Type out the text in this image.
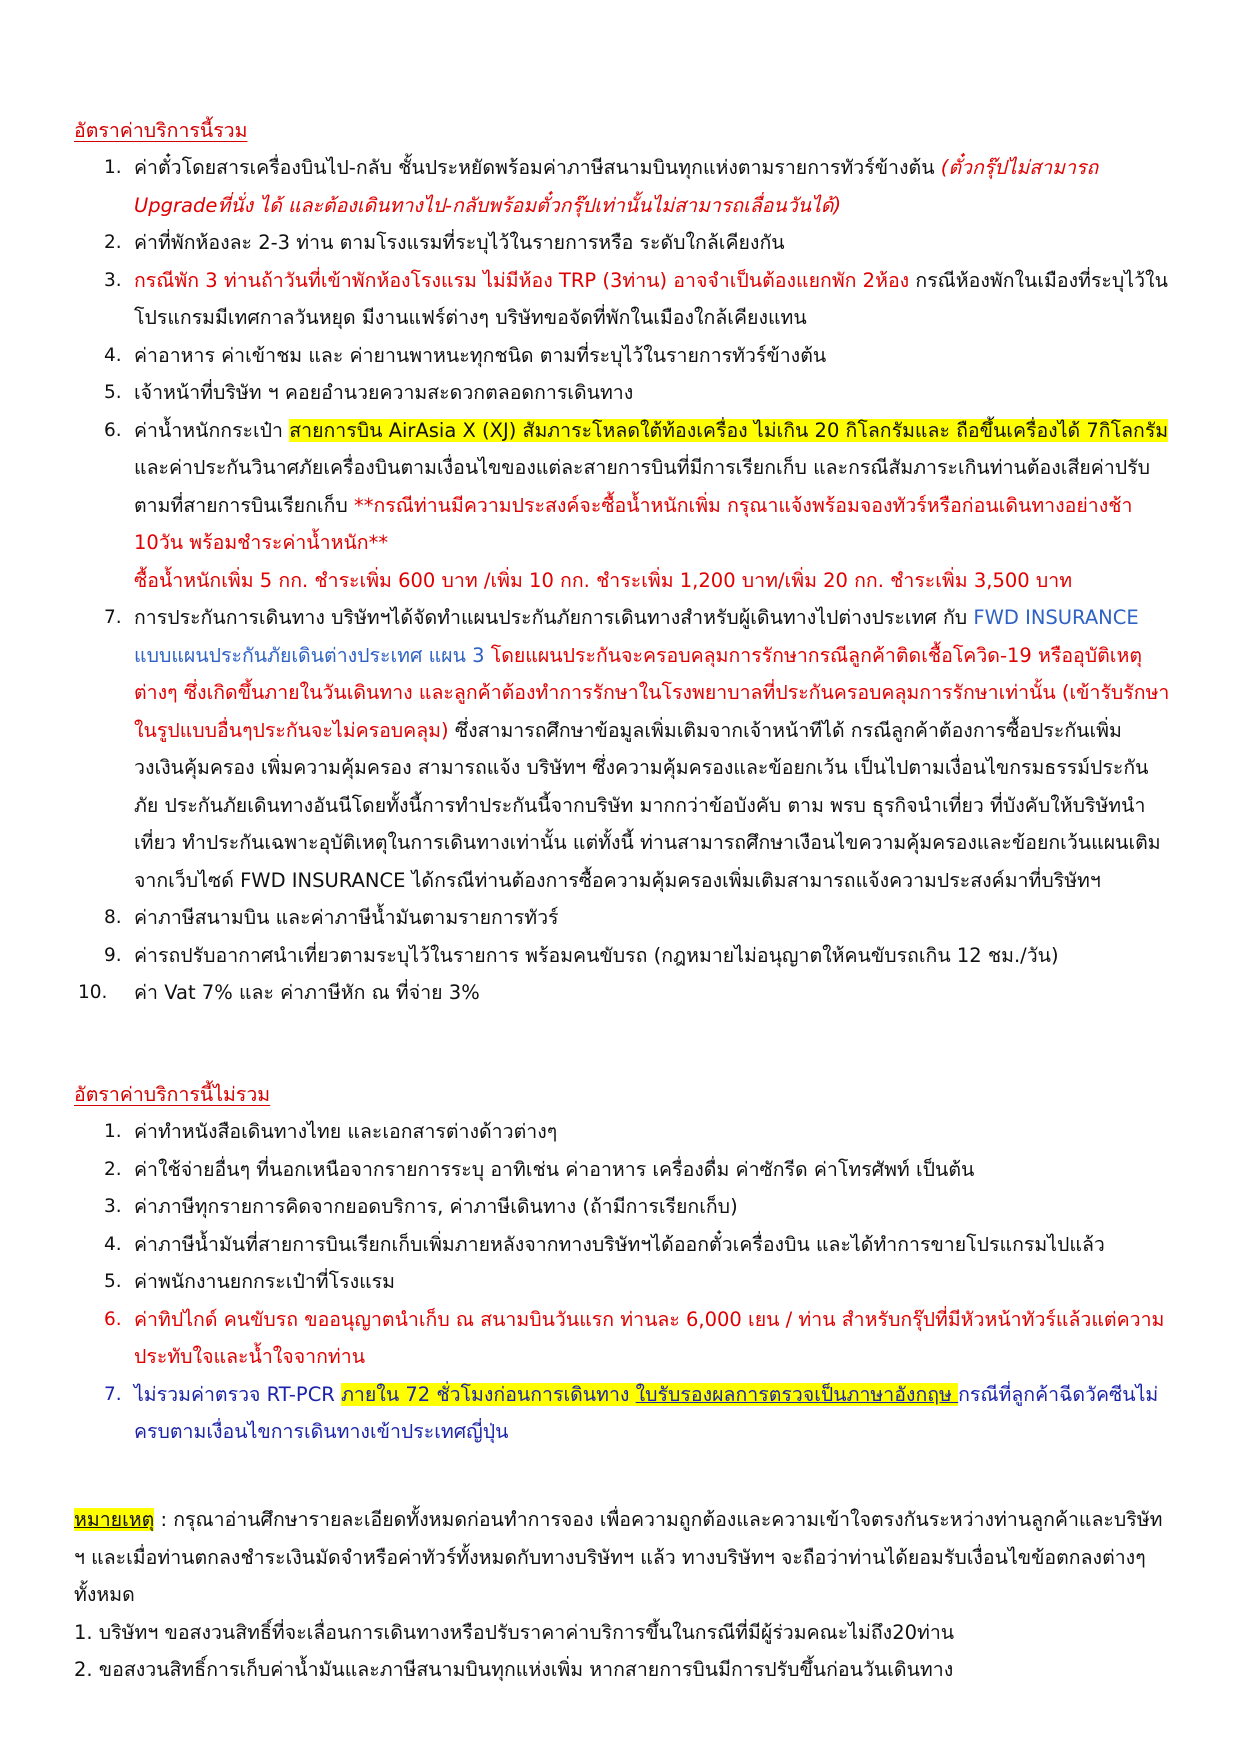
อัตราค่าบริการนี้รวม
1. ค่าตั๋วโดยสารเครื่องบินไป-กลับ ชั้นประหยัดพร้อมค่าภาษีสนามบินทุกแห่งตามรายการทัวร์ข้างต้น (ตั๋วกรุ๊ปไม่สามารถ Upgradeที่นั่ง ได้ และต้องเดินทางไป-กลับพร้อมตั๋วกรุ๊ปเท่านั้นไม่สามารถเลื่อนวันได้)
2. ค่าที่พักห้องละ 2-3 ท่าน ตามโรงแรมที่ระบุไว้ในรายการหรือ ระดับใกล้เคียงกัน
3. กรณีพัก 3 ท่านถ้าวันที่เข้าพักห้องโรงแรม ไม่มีห้อง TRP (3ท่าน) อาจจำเป็นต้องแยกพัก 2ห้อง กรณีห้องพักในเมืองที่ระบุไว้ในโปรแกรมมีเทศกาลวันหยุด มีงานแฟร์ต่างๆ บริษัทขอจัดที่พักในเมืองใกล้เคียงแทน
4. ค่าอาหาร ค่าเข้าชม และ ค่ายานพาหนะทุกชนิด ตามที่ระบุไว้ในรายการทัวร์ข้างต้น
5. เจ้าหน้าที่บริษัท ฯ คอยอำนวยความสะดวกตลอดการเดินทาง
6. ค่าน้ำหนักกระเป๋า สายการบิน AirAsia X (XJ) สัมภาระโหลดใต้ท้องเครื่อง ไม่เกิน 20 กิโลกรัมและ ถือขึ้นเครื่องได้ 7กิโลกรัม และค่าประกันวินาศภัยเครื่องบินตามเงื่อนไขของแต่ละสายการบินที่มีการเรียกเก็บ และกรณีสัมภาระเกินท่านต้องเสียค่าปรับตามที่สายการบินเรียกเก็บ **กรณีท่านมีความประสงค์จะซื้อน้ำหนักเพิ่ม กรุณาแจ้งพร้อมจองทัวร์หรือก่อนเดินทางอย่างช้า 10วัน พร้อมชำระค่าน้ำหนัก**
ซื้อน้ำหนักเพิ่ม 5 กก. ชำระเพิ่ม 600 บาท /เพิ่ม 10 กก. ชำระเพิ่ม 1,200 บาท/เพิ่ม 20 กก. ชำระเพิ่ม 3,500 บาท
7. การประกันการเดินทาง บริษัทฯได้จัดทำแผนประกันภัยการเดินทางสำหรับผู้เดินทางไปต่างประเทศ กับ FWD INSURANCE แบบแผนประกันภัยเดินต่างประเทศ แผน 3 โดยแผนประกันจะครอบคลุมการรักษากรณีลูกค้าติดเชื้อโควิด-19 หรืออุบัติเหตุต่างๆ ซึ่งเกิดขึ้นภายในวันเดินทาง และลูกค้าต้องทำการรักษาในโรงพยาบาลที่ประกันครอบคลุมการรักษาเท่านั้น (เข้ารับรักษาในรูปแบบอื่นๆประกันจะไม่ครอบคลุม) ซึ่งสามารถศึกษาข้อมูลเพิ่มเติมจากเจ้าหน้าทีได้ กรณีลูกค้าต้องการซื้อประกันเพิ่มวงเงินคุ้มครอง เพิ่มความคุ้มครอง สามารถแจ้ง บริษัทฯ ซึ่งความคุ้มครองและข้อยกเว้น เป็นไปตามเงื่อนไขกรมธรรม์ประกันภัย ประกันภัยเดินทางอันนีโดยทั้งนี้การทำประกันนี้จากบริษัท มากกว่าข้อบังคับ ตาม พรบ ธุรกิจนำเที่ยว ที่บังคับให้บริษัทนำเที่ยว ทำประกันเฉพาะอุบัติเหตุในการเดินทางเท่านั้น แต่ทั้งนี้ ท่านสามารถศึกษาเงือนไขความคุ้มครองและข้อยกเว้นแผนเติมจากเว็บไซด์ FWD INSURANCE ได้กรณีท่านต้องการซื้อความคุ้มครองเพิ่มเติมสามารถแจ้งความประสงค์มาที่บริษัทฯ
8. ค่าภาษีสนามบิน และค่าภาษีน้ำมันตามรายการทัวร์
9. ค่ารถปรับอากาศนำเที่ยวตามระบุไว้ในรายการ พร้อมคนขับรถ (กฎหมายไม่อนุญาตให้คนขับรถเกิน 12 ชม./วัน)
10. ค่า Vat 7% และ ค่าภาษีหัก ณ ที่จ่าย 3%
อัตราค่าบริการนี้ไม่รวม
1. ค่าทำหนังสือเดินทางไทย และเอกสารต่างด้าวต่างๆ
2. ค่าใช้จ่ายอื่นๆ ที่นอกเหนือจากรายการระบุ อาทิเช่น ค่าอาหาร เครื่องดื่ม ค่าซักรีด ค่าโทรศัพท์ เป็นต้น
3. ค่าภาษีทุกรายการคิดจากยอดบริการ, ค่าภาษีเดินทาง (ถ้ามีการเรียกเก็บ)
4. ค่าภาษีน้ำมันที่สายการบินเรียกเก็บเพิ่มภายหลังจากทางบริษัทฯได้ออกตั๋วเครื่องบิน และได้ทำการขายโปรแกรมไปแล้ว
5. ค่าพนักงานยกกระเป๋าที่โรงแรม
6. ค่าทิปไกด์ คนขับรถ ขออนุญาตนำเก็บ ณ สนามบินวันแรก ท่านละ 6,000 เยน / ท่าน สำหรับกรุ๊ปที่มีหัวหน้าทัวร์แล้วแต่ความประทับใจและน้ำใจจากท่าน
7. ไม่รวมค่าตรวจ RT-PCR ภายใน 72 ชั่วโมงก่อนการเดินทาง ใบรับรองผลการตรวจเป็นภาษาอังกฤษ กรณีที่ลูกค้าฉีดวัคซีนไม่ครบตามเงื่อนไขการเดินทางเข้าประเทศญี่ปุ่น

หมายเหตุ : กรุณาอ่านศึกษารายละเอียดทั้งหมดก่อนทำการจอง เพื่อความถูกต้องและความเข้าใจตรงกันระหว่างท่านลูกค้าและบริษัท ฯ และเมื่อท่านตกลงชำระเงินมัดจำหรือค่าทัวร์ทั้งหมดกับทางบริษัทฯ แล้ว ทางบริษัทฯ จะถือว่าท่านได้ยอมรับเงื่อนไขข้อตกลงต่างๆ ทั้งหมด

1. บริษัทฯ ขอสงวนสิทธิ์ที่จะเลื่อนการเดินทางหรือปรับราคาค่าบริการขึ้นในกรณีที่มีผู้ร่วมคณะไม่ถึง20ท่าน

2. ขอสงวนสิทธิ์การเก็บค่าน้ำมันและภาษีสนามบินทุกแห่งเพิ่ม หากสายการบินมีการปรับขึ้นก่อนวันเดินทาง
